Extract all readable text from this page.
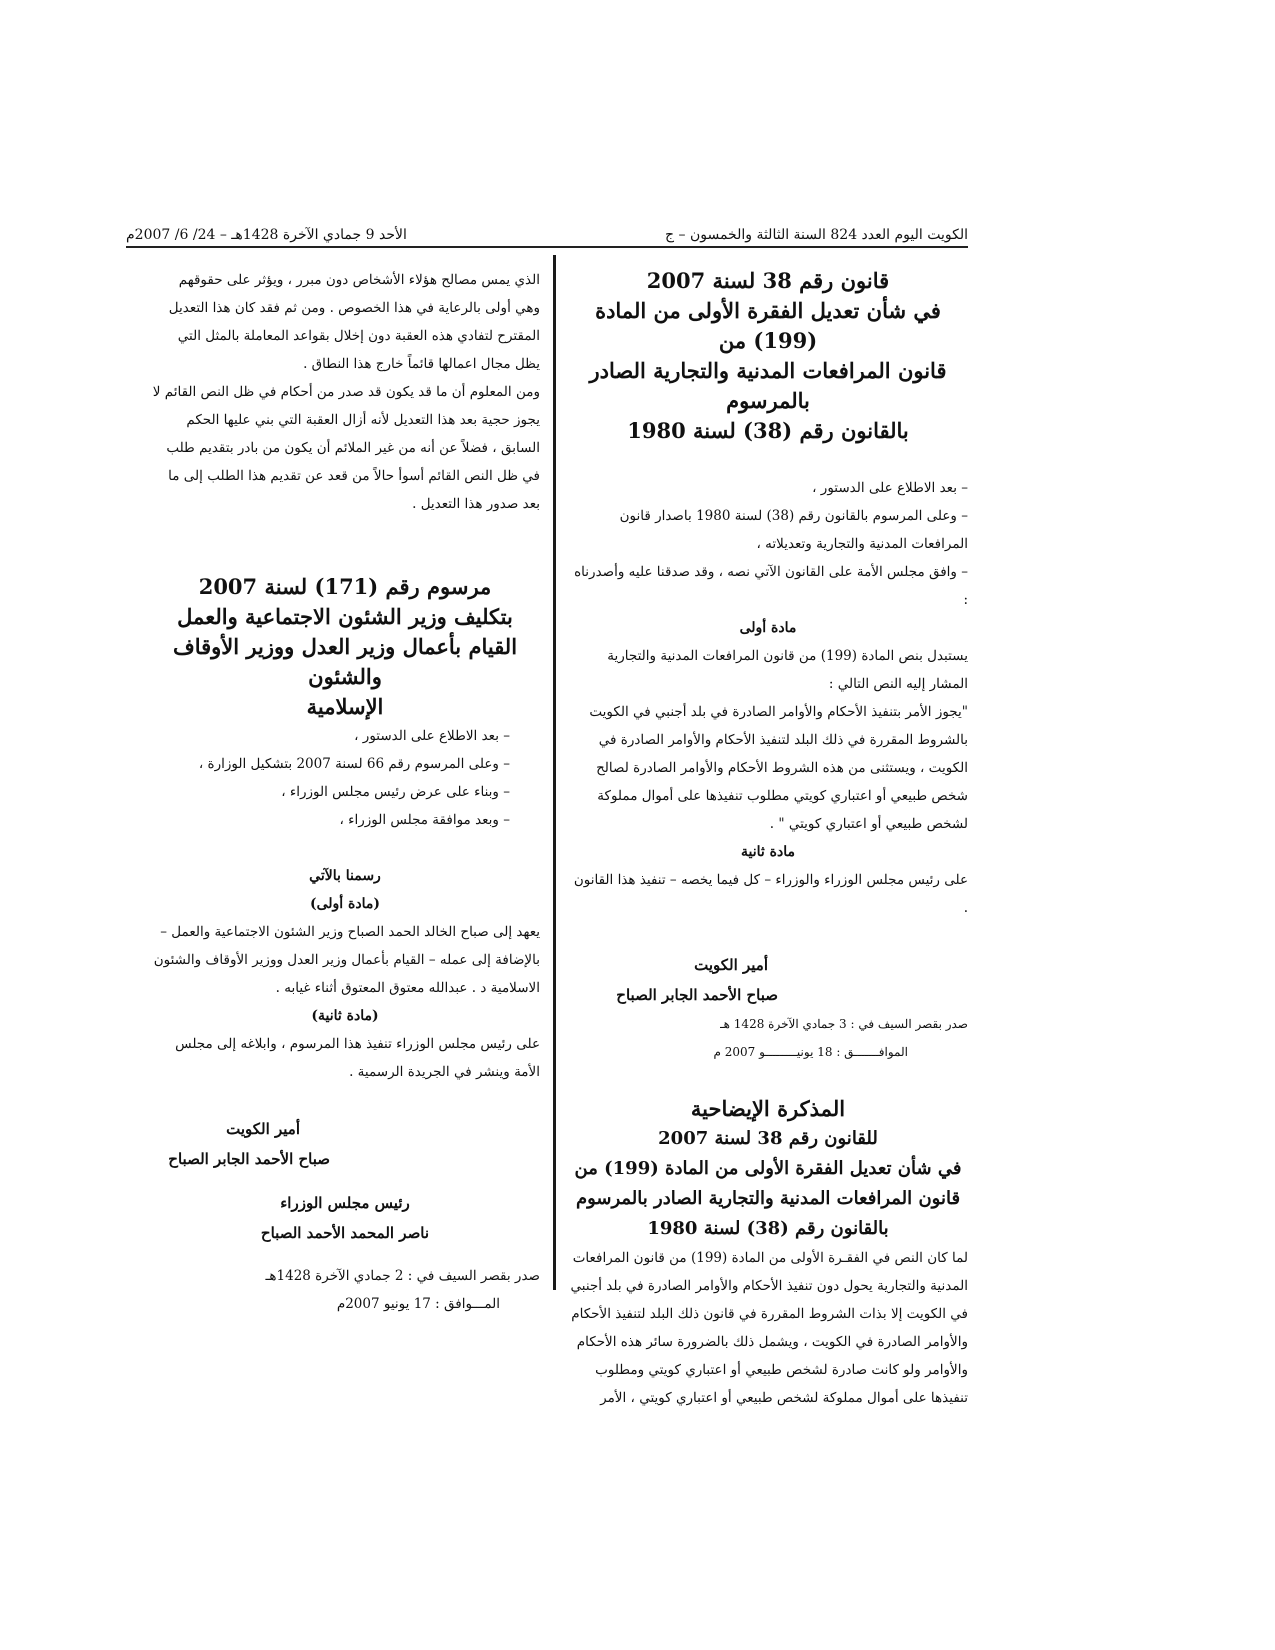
الكويت اليوم العدد 824 السنة الثالثة والخمسون – ج
الأحد 9 جمادي الآخرة 1428هـ – 24/ 6/ 2007م
قانون رقم 38 لسنة 2007
في شأن تعديل الفقرة الأولى من المادة (199) من
قانون المرافعات المدنية والتجارية الصادر بالمرسوم
بالقانون رقم (38) لسنة 1980

– بعد الاطلاع على الدستور ،

– وعلى المرسوم بالقانون رقم (38) لسنة 1980 باصدار قانون المرافعات المدنية والتجارية وتعديلاته ،

– وافق مجلس الأمة على القانون الآتي نصه ، وقد صدقنا عليه وأصدرناه :

مادة أولى

يستبدل بنص المادة (199) من قانون المرافعات المدنية والتجارية المشار إليه النص التالي :

"يجوز الأمر بتنفيذ الأحكام والأوامر الصادرة في بلد أجنبي في الكويت بالشروط المقررة في ذلك البلد لتنفيذ الأحكام والأوامر الصادرة في الكويت ، ويستثنى من هذه الشروط الأحكام والأوامر الصادرة لصالح شخص طبيعي أو اعتباري كويتي مطلوب تنفيذها على أموال مملوكة لشخص طبيعي أو اعتباري كويتي " .

مادة ثانية

على رئيس مجلس الوزراء والوزراء – كل فيما يخصه – تنفيذ هذا القانون .

أمير الكويت

صباح الأحمد الجابر الصباح

صدر بقصر السيف في : 3 جمادي الآخرة 1428 هـ

الموافـــــــق : 18 يونيـــــــــو 2007 م

المذكرة الإيضاحية
للقانون رقم 38 لسنة 2007
في شأن تعديل الفقرة الأولى من المادة (199) من
قانون المرافعات المدنية والتجارية الصادر بالمرسوم
بالقانون رقم (38) لسنة 1980

لما كان النص في الفقـرة الأولى من المادة (199) من قانون المرافعات المدنية والتجارية يحول دون تنفيذ الأحكام والأوامر الصادرة في بلد أجنبي في الكويت إلا بذات الشروط المقررة في قانون ذلك البلد لتنفيذ الأحكام والأوامر الصادرة في الكويت ، ويشمل ذلك بالضرورة سائر هذه الأحكام والأوامر ولو كانت صادرة لشخص طبيعي أو اعتباري كويتي ومطلوب تنفيذها على أموال مملوكة لشخص طبيعي أو اعتباري كويتي ، الأمر

الذي يمس مصالح هؤلاء الأشخاص دون مبرر ، ويؤثر على حقوقهم وهي أولى بالرعاية في هذا الخصوص . ومن ثم فقد كان هذا التعديل المقترح لتفادي هذه العقبة دون إخلال بقواعد المعاملة بالمثل التي يظل مجال اعمالها قائماً خارج هذا النطاق .

ومن المعلوم أن ما قد يكون قد صدر من أحكام في ظل النص القائم لا يجوز حجية بعد هذا التعديل لأنه أزال العقبة التي بني عليها الحكم السابق ، فضلاً عن أنه من غير الملائم أن يكون من بادر بتقديم طلب في ظل النص القائم أسوأ حالاً من قعد عن تقديم هذا الطلب إلى ما بعد صدور هذا التعديل .

مرسوم رقم (171) لسنة 2007
بتكليف وزير الشئون الاجتماعية والعمل
القيام بأعمال وزير العدل ووزير الأوقاف والشئون
الإسلامية

– بعد الاطلاع على الدستور ،

– وعلى المرسوم رقم 66 لسنة 2007 بتشكيل الوزارة ،

– وبناء على عرض رئيس مجلس الوزراء ،

– وبعد موافقة مجلس الوزراء ،

رسمنا بالآتي

(مادة أولى)

يعهد إلى صباح الخالد الحمد الصباح وزير الشئون الاجتماعية والعمل – بالإضافة إلى عمله – القيام بأعمال وزير العدل ووزير الأوقاف والشئون الاسلامية د . عبدالله معتوق المعتوق أثناء غيابه .

(مادة ثانية)

على رئيس مجلس الوزراء تنفيذ هذا المرسوم ، وابلاغه إلى مجلس الأمة وينشر في الجريدة الرسمية .

أمير الكويت

صباح الأحمد الجابر الصباح

رئيس مجلس الوزراء

ناصر المحمد الأحمد الصباح

صدر بقصر السيف في : 2 جمادي الآخرة 1428هـ

المـــوافق : 17 يونيو 2007م
